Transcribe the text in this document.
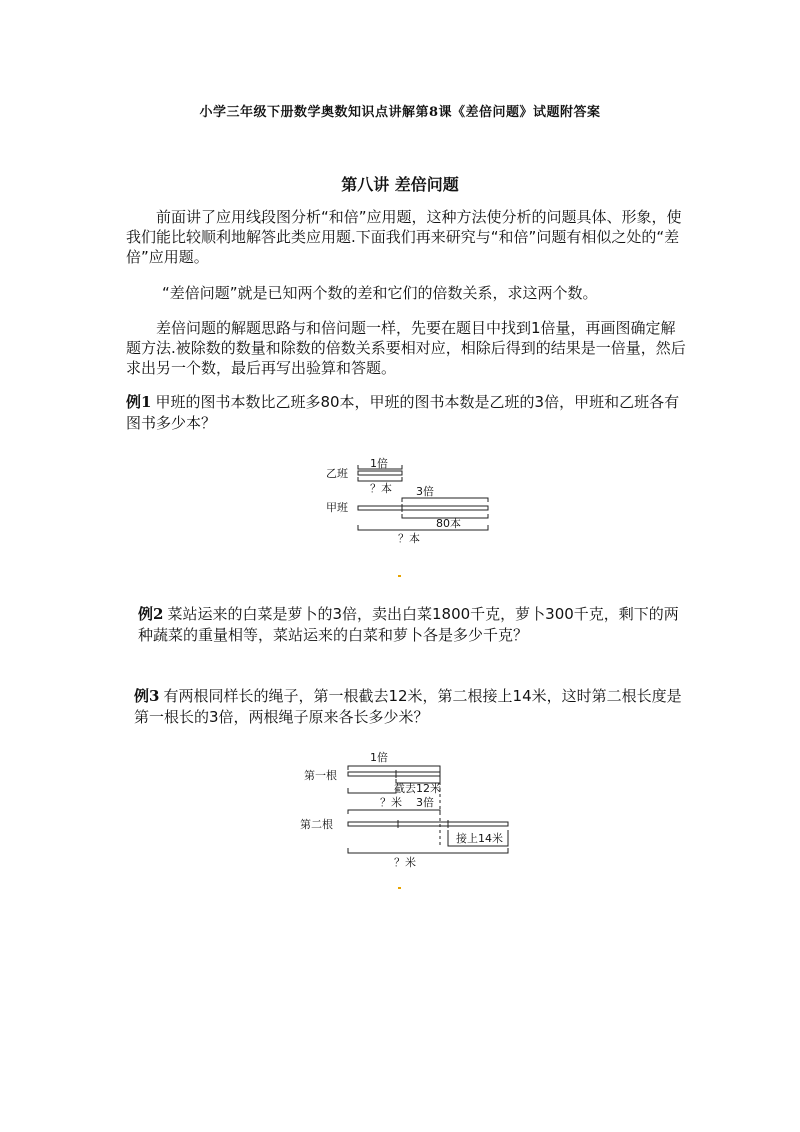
小学三年级下册数学奥数知识点讲解第8课《差倍问题》试题附答案
第八讲 差倍问题
前面讲了应用线段图分析“和倍”应用题，这种方法使分析的问题具体、形象，使我们能比较顺利地解答此类应用题.下面我们再来研究与“和倍”问题有相似之处的“差倍”应用题。
“差倍问题”就是已知两个数的差和它们的倍数关系，求这两个数。
差倍问题的解题思路与和倍问题一样，先要在题目中找到1倍量，再画图确定解题方法.被除数的数量和除数的倍数关系要相对应，相除后得到的结果是一倍量，然后求出另一个数，最后再写出验算和答题。
例1 甲班的图书本数比乙班多80本，甲班的图书本数是乙班的3倍，甲班和乙班各有图书多少本？
乙班
1倍
？本 3倍
甲班
80本
？本
例2 菜站运来的白菜是萝卜的3倍，卖出白菜1800千克，萝卜300千克，剩下的两种蔬菜的重量相等，菜站运来的白菜和萝卜各是多少千克？
例3 有两根同样长的绳子，第一根截去12米，第二根接上14米，这时第二根长度是第一根长的3倍，两根绳子原来各长多少米？
1倍
第一根
截去12米
？米 3倍
第二根
接上14米
？米
